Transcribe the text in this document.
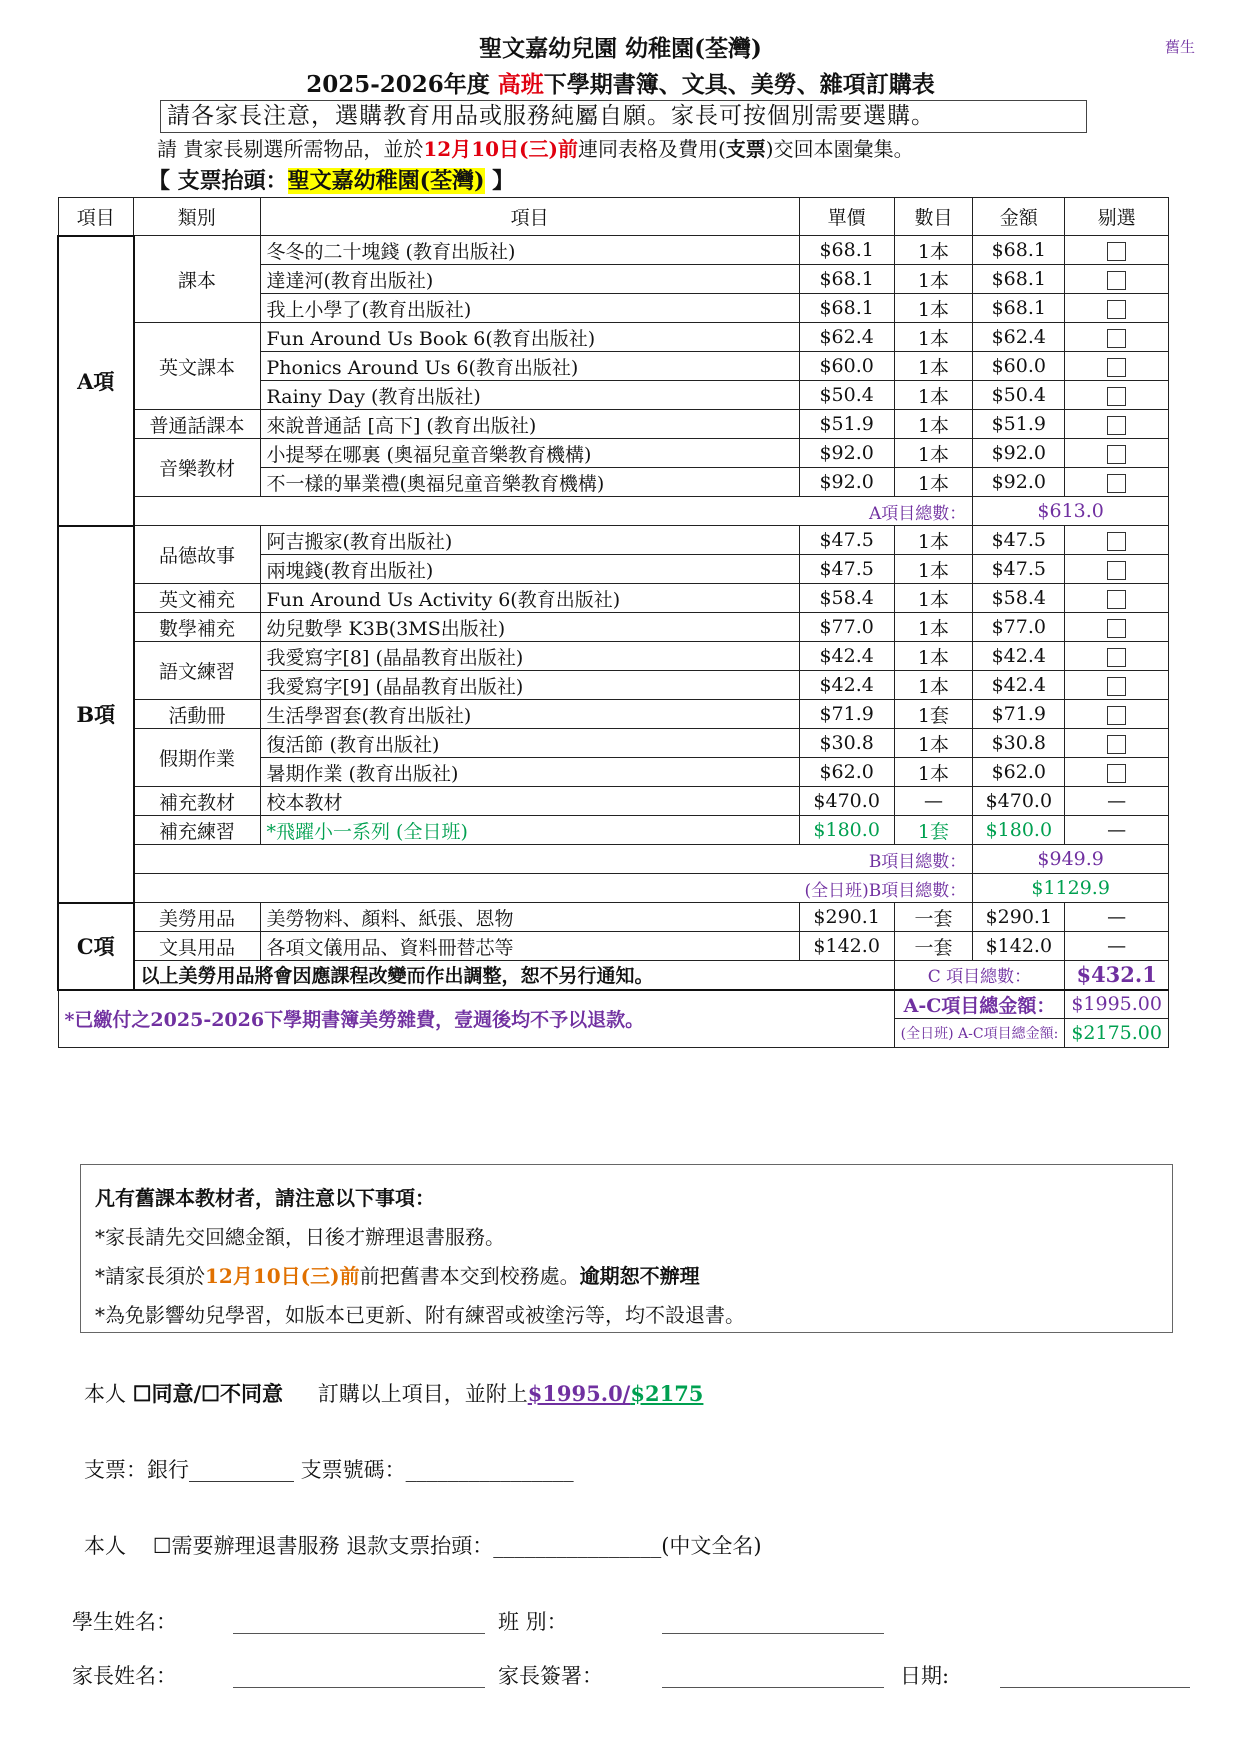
聖文嘉幼兒園 幼稚園(荃灣)	舊生
2025-2026年度 高班下學期書簿、文具、美勞、雜項訂購表
請各家長注意，選購教育用品或服務純屬自願。家長可按個別需要選購。
請 貴家長剔選所需物品，並於12月10日(三)前連同表格及費用(支票)交回本園彙集。
【 支票抬頭：聖文嘉幼稚園(荃灣) 】
項目	類別	項目	單價	數目	金額	剔選
A項	課本	冬冬的二十塊錢 (教育出版社)	$68.1	1本	$68.1	
		達達河(教育出版社)	$68.1	1本	$68.1	
		我上小學了(教育出版社)	$68.1	1本	$68.1	
	英文課本	Fun Around Us Book 6(教育出版社)	$62.4	1本	$62.4	
		Phonics Around Us 6(教育出版社)	$60.0	1本	$60.0	
		Rainy Day (教育出版社)	$50.4	1本	$50.4	
	普通話課本	來說普通話 [高下] (教育出版社)	$51.9	1本	$51.9	
	音樂教材	小提琴在哪裏 (奧福兒童音樂教育機構)	$92.0	1本	$92.0	
		不一樣的畢業禮(奧福兒童音樂教育機構)	$92.0	1本	$92.0	
	A項目總數：				$613.0	
B項	品德故事	阿吉搬家(教育出版社)	$47.5	1本	$47.5	
		兩塊錢(教育出版社)	$47.5	1本	$47.5	
	英文補充	Fun Around Us Activity 6(教育出版社)	$58.4	1本	$58.4	
	數學補充	幼兒數學 K3B(3MS出版社)	$77.0	1本	$77.0	
	語文練習	我愛寫字[8] (晶晶教育出版社)	$42.4	1本	$42.4	
		我愛寫字[9] (晶晶教育出版社)	$42.4	1本	$42.4	
	活動冊	生活學習套(教育出版社)	$71.9	1套	$71.9	
	假期作業	復活節 (教育出版社)	$30.8	1本	$30.8	
		暑期作業 (教育出版社)	$62.0	1本	$62.0	
	補充教材	校本教材	$470.0	—	$470.0	—
	補充練習	*飛躍小一系列 (全日班)	$180.0	1套	$180.0	—
	B項目總數：				$949.9	
	(全日班)B項目總數：				$1129.9	
C項	美勞用品	美勞物料、顏料、紙張、恩物	$290.1	一套	$290.1	—
	文具用品	各項文儀用品、資料冊替芯等	$142.0	一套	$142.0	—
	以上美勞用品將會因應課程改變而作出調整，恕不另行通知。			C 項目總數：		$432.1
*已繳付之2025-2026下學期書簿美勞雜費，壹週後均不予以退款。				A-C項目總金額：		$1995.00
				(全日班) A-C項目總金額:		$2175.00
凡有舊課本教材者，請注意以下事項：
*家長請先交回總金額，日後才辦理退書服務。
*請家長須於12月10日(三)前前把舊書本交到校務處。逾期恕不辦理
*為免影響幼兒學習，如版本已更新、附有練習或被塗污等，均不設退書。
本人 ☐同意/☐不同意 訂購以上項目，並附上$1995.0/$2175
支票：銀行__________ 支票號碼：________________
本人 ☐需要辦理退書服務 退款支票抬頭：________________(中文全名)
學生姓名：	班 別：
家長姓名：	家長簽署：	日期:
